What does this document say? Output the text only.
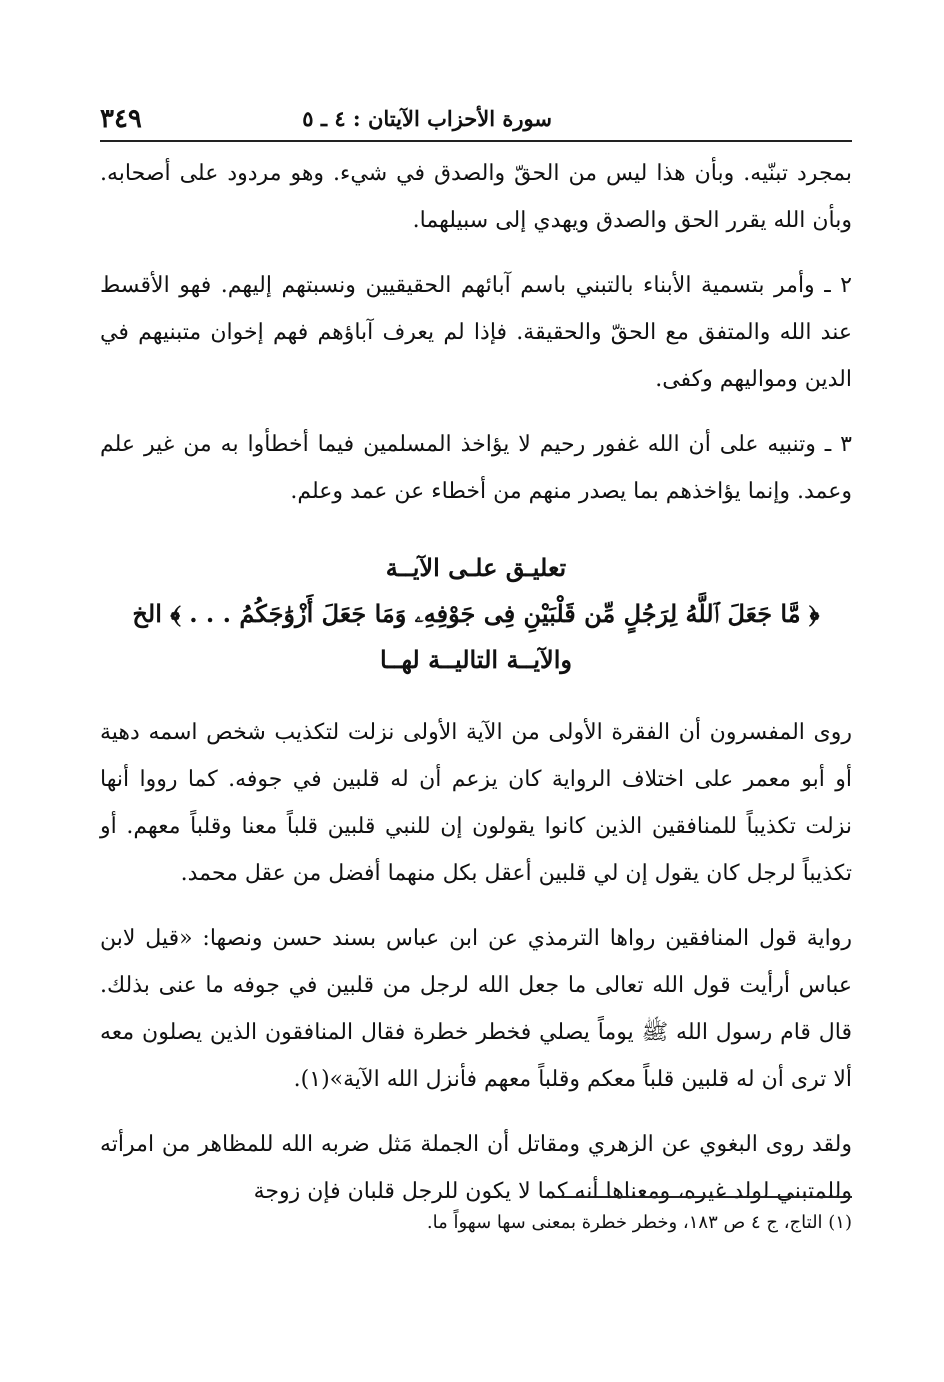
٣٤٩	سورة الأحزاب الآيتان : ٤ ـ ٥

بمجرد تبنّيه. وبأن هذا ليس من الحقّ والصدق في شيء. وهو مردود على أصحابه. وبأن الله يقرر الحق والصدق ويهدي إلى سبيلهما.

٢ ـ وأمر بتسمية الأبناء بالتبني باسم آبائهم الحقيقيين ونسبتهم إليهم. فهو الأقسط عند الله والمتفق مع الحقّ والحقيقة. فإذا لم يعرف آباؤهم فهم إخوان متبنيهم في الدين ومواليهم وكفى.

٣ ـ وتنبيه على أن الله غفور رحيم لا يؤاخذ المسلمين فيما أخطأوا به من غير علم وعمد. وإنما يؤاخذهم بما يصدر منهم من أخطاء عن عمد وعلم.

تعليـق علـى الآيــة
﴿ مَّا جَعَلَ ٱللَّهُ لِرَجُلٍ مِّن قَلْبَيْنِ فِى جَوْفِهِۦ وَمَا جَعَلَ أَزْوَٰجَكُمُ . . . ﴾ الخ
والآيــة التاليــة لهــا

روى المفسرون أن الفقرة الأولى من الآية الأولى نزلت لتكذيب شخص اسمه دهية أو أبو معمر على اختلاف الرواية كان يزعم أن له قلبين في جوفه. كما رووا أنها نزلت تكذيباً للمنافقين الذين كانوا يقولون إن للنبي قلبين قلباً معنا وقلباً معهم. أو تكذيباً لرجل كان يقول إن لي قلبين أعقل بكل منهما أفضل من عقل محمد.

رواية قول المنافقين رواها الترمذي عن ابن عباس بسند حسن ونصها: «قيل لابن عباس أرأيت قول الله تعالى ما جعل الله لرجل من قلبين في جوفه ما عنى بذلك. قال قام رسول الله ﷺ يوماً يصلي فخطر خطرة فقال المنافقون الذين يصلون معه ألا ترى أن له قلبين قلباً معكم وقلباً معهم فأنزل الله الآية»(١).

ولقد روى البغوي عن الزهري ومقاتل أن الجملة مَثل ضربه الله للمظاهر من امرأته وللمتبني لولد غيره، ومعناها أنه كما لا يكون للرجل قلبان فإن زوجة

(١) التاج، ج ٤ ص ١٨٣، وخطر خطرة بمعنى سها سهواً ما.
